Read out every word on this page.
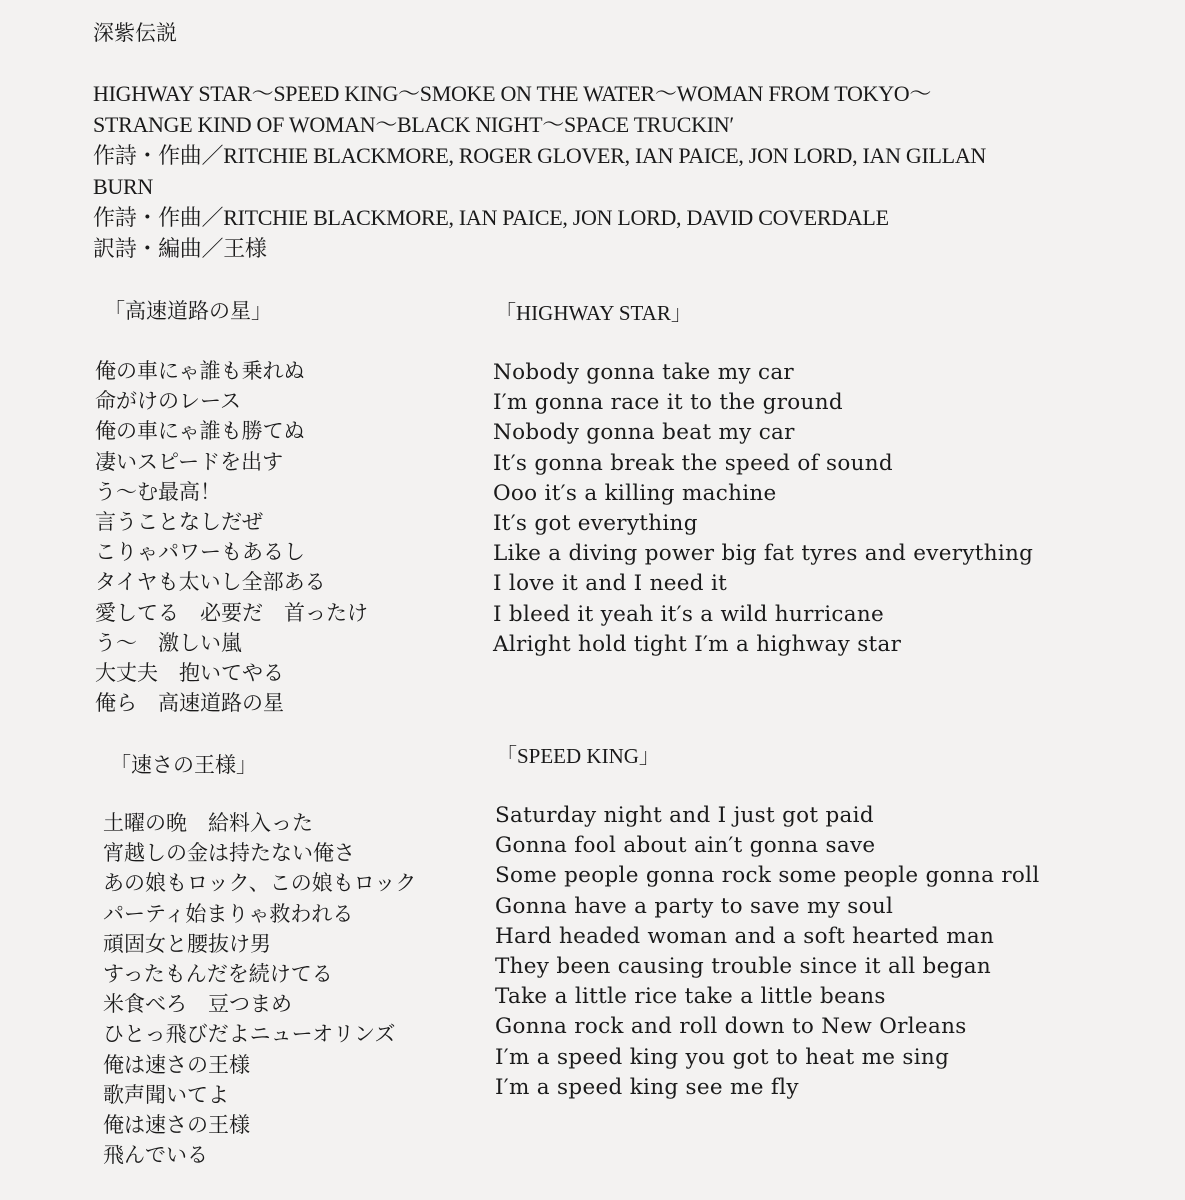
深紫伝説
HIGHWAY STAR～SPEED KING～SMOKE ON THE WATER～WOMAN FROM TOKYO～
STRANGE KIND OF WOMAN～BLACK NIGHT～SPACE TRUCKIN′
作詩・作曲／RITCHIE BLACKMORE, ROGER GLOVER, IAN PAICE, JON LORD, IAN GILLAN
BURN
作詩・作曲／RITCHIE BLACKMORE, IAN PAICE, JON LORD, DAVID COVERDALE
訳詩・編曲／王様
「高速道路の星」	「HIGHWAY STAR」
俺の車にゃ誰も乗れぬ
命がけのレース
俺の車にゃ誰も勝てぬ
凄いスピードを出す
う～む最高！
言うことなしだぜ
こりゃパワーもあるし
タイヤも太いし全部ある
愛してる　必要だ　首ったけ
う～　激しい嵐
大丈夫　抱いてやる
俺ら　高速道路の星
Nobody gonna take my car
I′m gonna race it to the ground
Nobody gonna beat my car
It′s gonna break the speed of sound
Ooo it′s a killing machine
It′s got everything
Like a diving power big fat tyres and everything
I love it and I need it
I bleed it yeah it′s a wild hurricane
Alright hold tight I′m a highway star
「速さの王様」	「SPEED KING」
土曜の晩　給料入った
宵越しの金は持たない俺さ
あの娘もロック、この娘もロック
パーティ始まりゃ救われる
頑固女と腰抜け男
すったもんだを続けてる
米食べろ　豆つまめ
ひとっ飛びだよニューオリンズ
俺は速さの王様
歌声聞いてよ
俺は速さの王様
飛んでいる
Saturday night and I just got paid
Gonna fool about ain′t gonna save
Some people gonna rock some people gonna roll
Gonna have a party to save my soul
Hard headed woman and a soft hearted man
They been causing trouble since it all began
Take a little rice take a little beans
Gonna rock and roll down to New Orleans
I′m a speed king you got to heat me sing
I′m a speed king see me fly
